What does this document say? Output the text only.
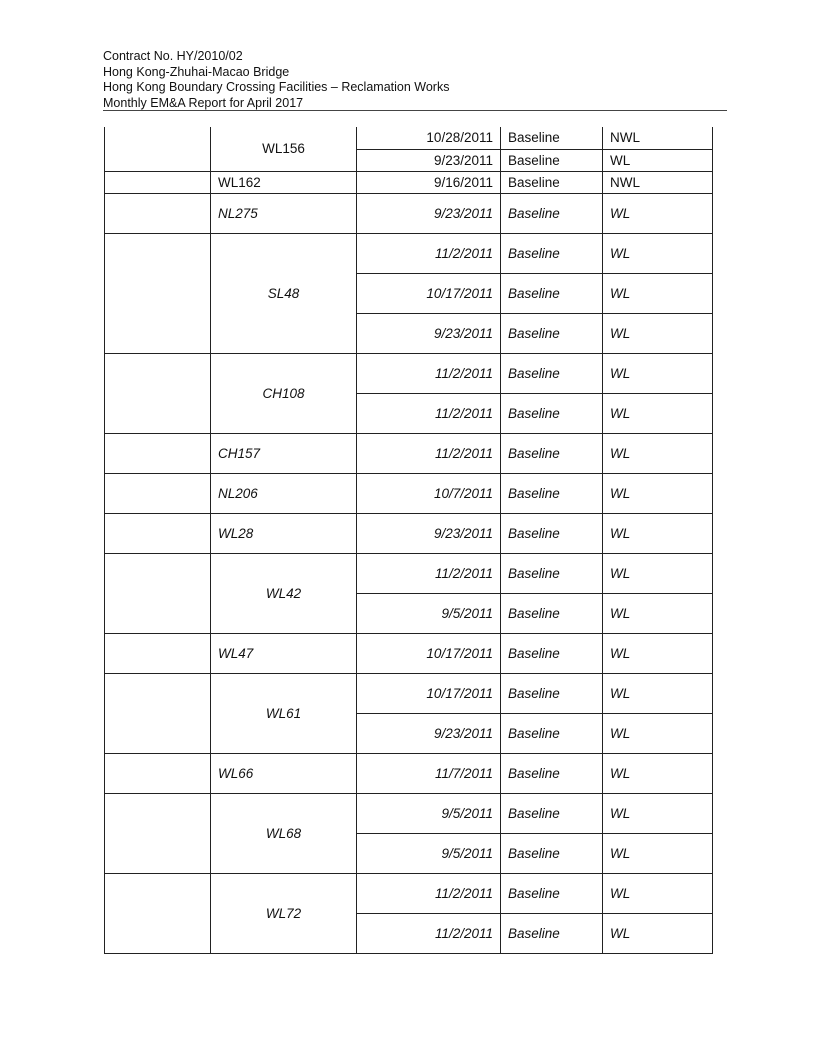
Contract No. HY/2010/02
Hong Kong-Zhuhai-Macao Bridge
Hong Kong Boundary Crossing Facilities – Reclamation Works
Monthly EM&A Report for April 2017
	WL156	10/28/2011	Baseline	NWL
		9/23/2011	Baseline	WL
	WL162	9/16/2011	Baseline	NWL
	NL275	9/23/2011	Baseline	WL
	SL48	11/2/2011	Baseline	WL
		10/17/2011	Baseline	WL
		9/23/2011	Baseline	WL
	CH108	11/2/2011	Baseline	WL
		11/2/2011	Baseline	WL
	CH157	11/2/2011	Baseline	WL
	NL206	10/7/2011	Baseline	WL
	WL28	9/23/2011	Baseline	WL
	WL42	11/2/2011	Baseline	WL
		9/5/2011	Baseline	WL
	WL47	10/17/2011	Baseline	WL
	WL61	10/17/2011	Baseline	WL
		9/23/2011	Baseline	WL
	WL66	11/7/2011	Baseline	WL
	WL68	9/5/2011	Baseline	WL
		9/5/2011	Baseline	WL
	WL72	11/2/2011	Baseline	WL
		11/2/2011	Baseline	WL
